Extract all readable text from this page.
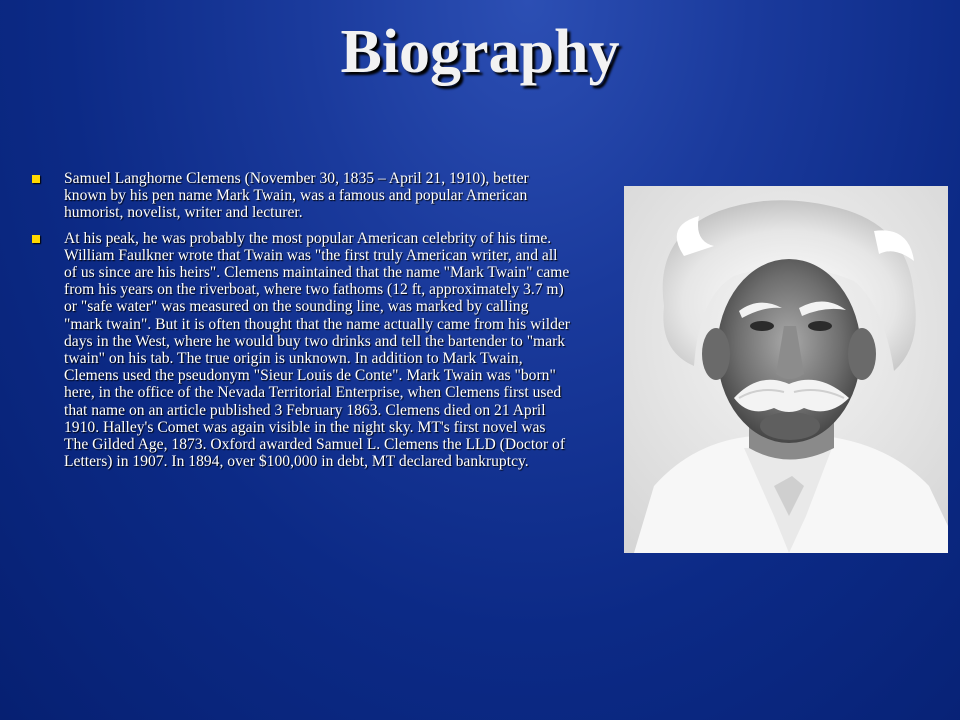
Biography
Samuel Langhorne Clemens (November 30, 1835 – April 21, 1910), better known by his pen name Mark Twain, was a famous and popular American humorist, novelist, writer and lecturer.
At his peak, he was probably the most popular American celebrity of his time. William Faulkner wrote that Twain was "the first truly American writer, and all of us since are his heirs". Clemens maintained that the name "Mark Twain" came from his years on the riverboat, where two fathoms (12 ft, approximately 3.7 m) or "safe water" was measured on the sounding line, was marked by calling "mark twain". But it is often thought that the name actually came from his wilder days in the West, where he would buy two drinks and tell the bartender to "mark twain" on his tab. The true origin is unknown. In addition to Mark Twain, Clemens used the pseudonym "Sieur Louis de Conte". Mark Twain was "born" here, in the office of the Nevada Territorial Enterprise, when Clemens first used that name on an article published 3 February 1863. Clemens died on 21 April 1910. Halley's Comet was again visible in the night sky. MT's first novel was The Gilded Age, 1873. Oxford awarded Samuel L. Clemens the LLD (Doctor of Letters) in 1907. In 1894, over $100,000 in debt, MT declared bankruptcy.
